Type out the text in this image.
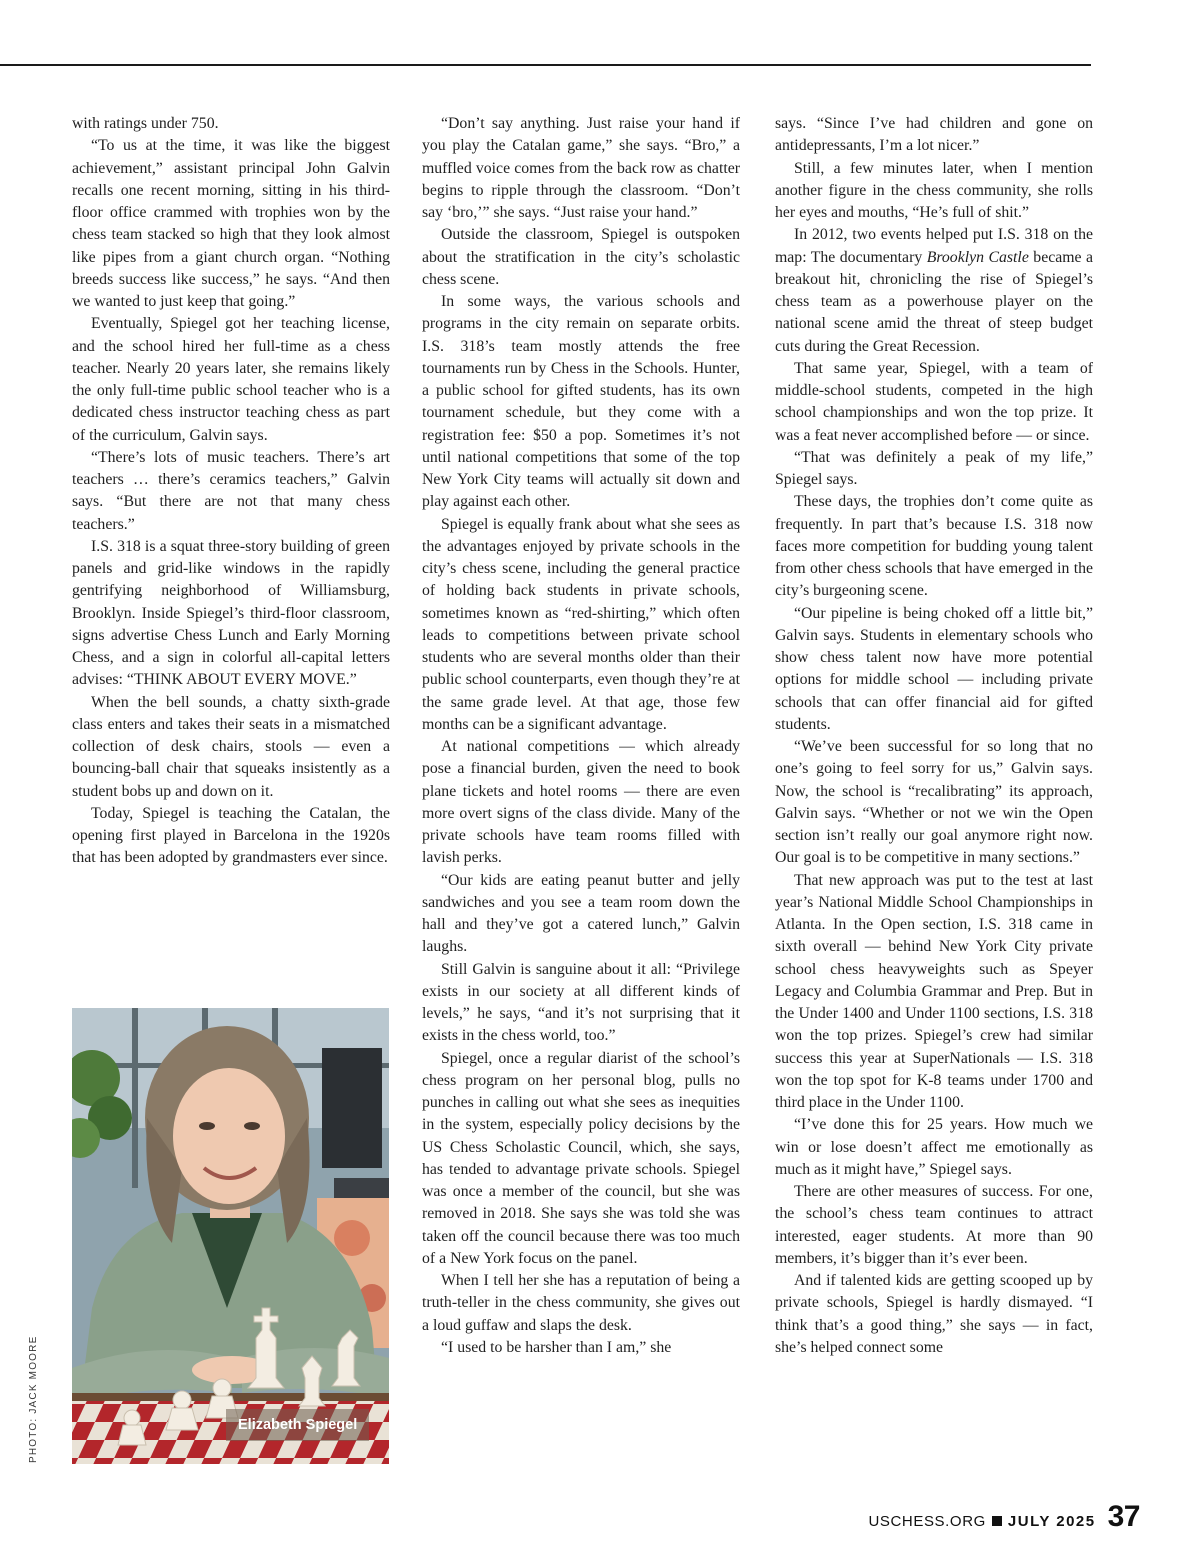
with ratings under 750.

“To us at the time, it was like the biggest achievement,” assistant principal John Galvin recalls one recent morning, sitting in his third-floor office crammed with trophies won by the chess team stacked so high that they look almost like pipes from a giant church organ. “Nothing breeds success like success,” he says. “And then we wanted to just keep that going.”

Eventually, Spiegel got her teaching license, and the school hired her full-time as a chess teacher. Nearly 20 years later, she remains likely the only full-time public school teacher who is a dedicated chess instructor teaching chess as part of the curriculum, Galvin says.

“There’s lots of music teachers. There’s art teachers … there’s ceramics teachers,” Galvin says. “But there are not that many chess teachers.”

I.S. 318 is a squat three-story building of green panels and grid-like windows in the rapidly gentrifying neighborhood of Williamsburg, Brooklyn. Inside Spiegel’s third-floor classroom, signs advertise Chess Lunch and Early Morning Chess, and a sign in colorful all-capital letters advises: “THINK ABOUT EVERY MOVE.”

When the bell sounds, a chatty sixth-grade class enters and takes their seats in a mismatched collection of desk chairs, stools — even a bouncing-ball chair that squeaks insistently as a student bobs up and down on it.

Today, Spiegel is teaching the Catalan, the opening first played in Barcelona in the 1920s that has been adopted by grandmasters ever since.

Elizabeth Spiegel
PHOTO: JACK MOORE

“Don’t say anything. Just raise your hand if you play the Catalan game,” she says. “Bro,” a muffled voice comes from the back row as chatter begins to ripple through the classroom. “Don’t say ‘bro,’” she says. “Just raise your hand.”

Outside the classroom, Spiegel is outspoken about the stratification in the city’s scholastic chess scene.

In some ways, the various schools and programs in the city remain on separate orbits. I.S. 318’s team mostly attends the free tournaments run by Chess in the Schools. Hunter, a public school for gifted students, has its own tournament schedule, but they come with a registration fee: $50 a pop. Sometimes it’s not until national competitions that some of the top New York City teams will actually sit down and play against each other.

Spiegel is equally frank about what she sees as the advantages enjoyed by private schools in the city’s chess scene, including the general practice of holding back students in private schools, sometimes known as “red-shirting,” which often leads to competitions between private school students who are several months older than their public school counterparts, even though they’re at the same grade level. At that age, those few months can be a significant advantage.

At national competitions — which already pose a financial burden, given the need to book plane tickets and hotel rooms — there are even more overt signs of the class divide. Many of the private schools have team rooms filled with lavish perks.

“Our kids are eating peanut butter and jelly sandwiches and you see a team room down the hall and they’ve got a catered lunch,” Galvin laughs.

Still Galvin is sanguine about it all: “Privilege exists in our society at all different kinds of levels,” he says, “and it’s not surprising that it exists in the chess world, too.”

Spiegel, once a regular diarist of the school’s chess program on her personal blog, pulls no punches in calling out what she sees as inequities in the system, especially policy decisions by the US Chess Scholastic Council, which, she says, has tended to advantage private schools. Spiegel was once a member of the council, but she was removed in 2018. She says she was told she was taken off the council because there was too much of a New York focus on the panel.

When I tell her she has a reputation of being a truth-teller in the chess community, she gives out a loud guffaw and slaps the desk.

“I used to be harsher than I am,” she

says. “Since I’ve had children and gone on antidepressants, I’m a lot nicer.”

Still, a few minutes later, when I mention another figure in the chess community, she rolls her eyes and mouths, “He’s full of shit.”

In 2012, two events helped put I.S. 318 on the map: The documentary Brooklyn Castle became a breakout hit, chronicling the rise of Spiegel’s chess team as a powerhouse player on the national scene amid the threat of steep budget cuts during the Great Recession.

That same year, Spiegel, with a team of middle-school students, competed in the high school championships and won the top prize. It was a feat never accomplished before — or since.

“That was definitely a peak of my life,” Spiegel says.

These days, the trophies don’t come quite as frequently. In part that’s because I.S. 318 now faces more competition for budding young talent from other chess schools that have emerged in the city’s burgeoning scene.

“Our pipeline is being choked off a little bit,” Galvin says. Students in elementary schools who show chess talent now have more potential options for middle school — including private schools that can offer financial aid for gifted students.

“We’ve been successful for so long that no one’s going to feel sorry for us,” Galvin says. Now, the school is “recalibrating” its approach, Galvin says. “Whether or not we win the Open section isn’t really our goal anymore right now. Our goal is to be competitive in many sections.”

That new approach was put to the test at last year’s National Middle School Championships in Atlanta. In the Open section, I.S. 318 came in sixth overall — behind New York City private school chess heavyweights such as Speyer Legacy and Columbia Grammar and Prep. But in the Under 1400 and Under 1100 sections, I.S. 318 won the top prizes. Spiegel’s crew had similar success this year at SuperNationals — I.S. 318 won the top spot for K-8 teams under 1700 and third place in the Under 1100.

“I’ve done this for 25 years. How much we win or lose doesn’t affect me emotionally as much as it might have,” Spiegel says.

There are other measures of success. For one, the school’s chess team continues to attract interested, eager students. At more than 90 members, it’s bigger than it’s ever been.

And if talented kids are getting scooped up by private schools, Spiegel is hardly dismayed. “I think that’s a good thing,” she says — in fact, she’s helped connect some

USCHESS.ORG JULY 2025 37
